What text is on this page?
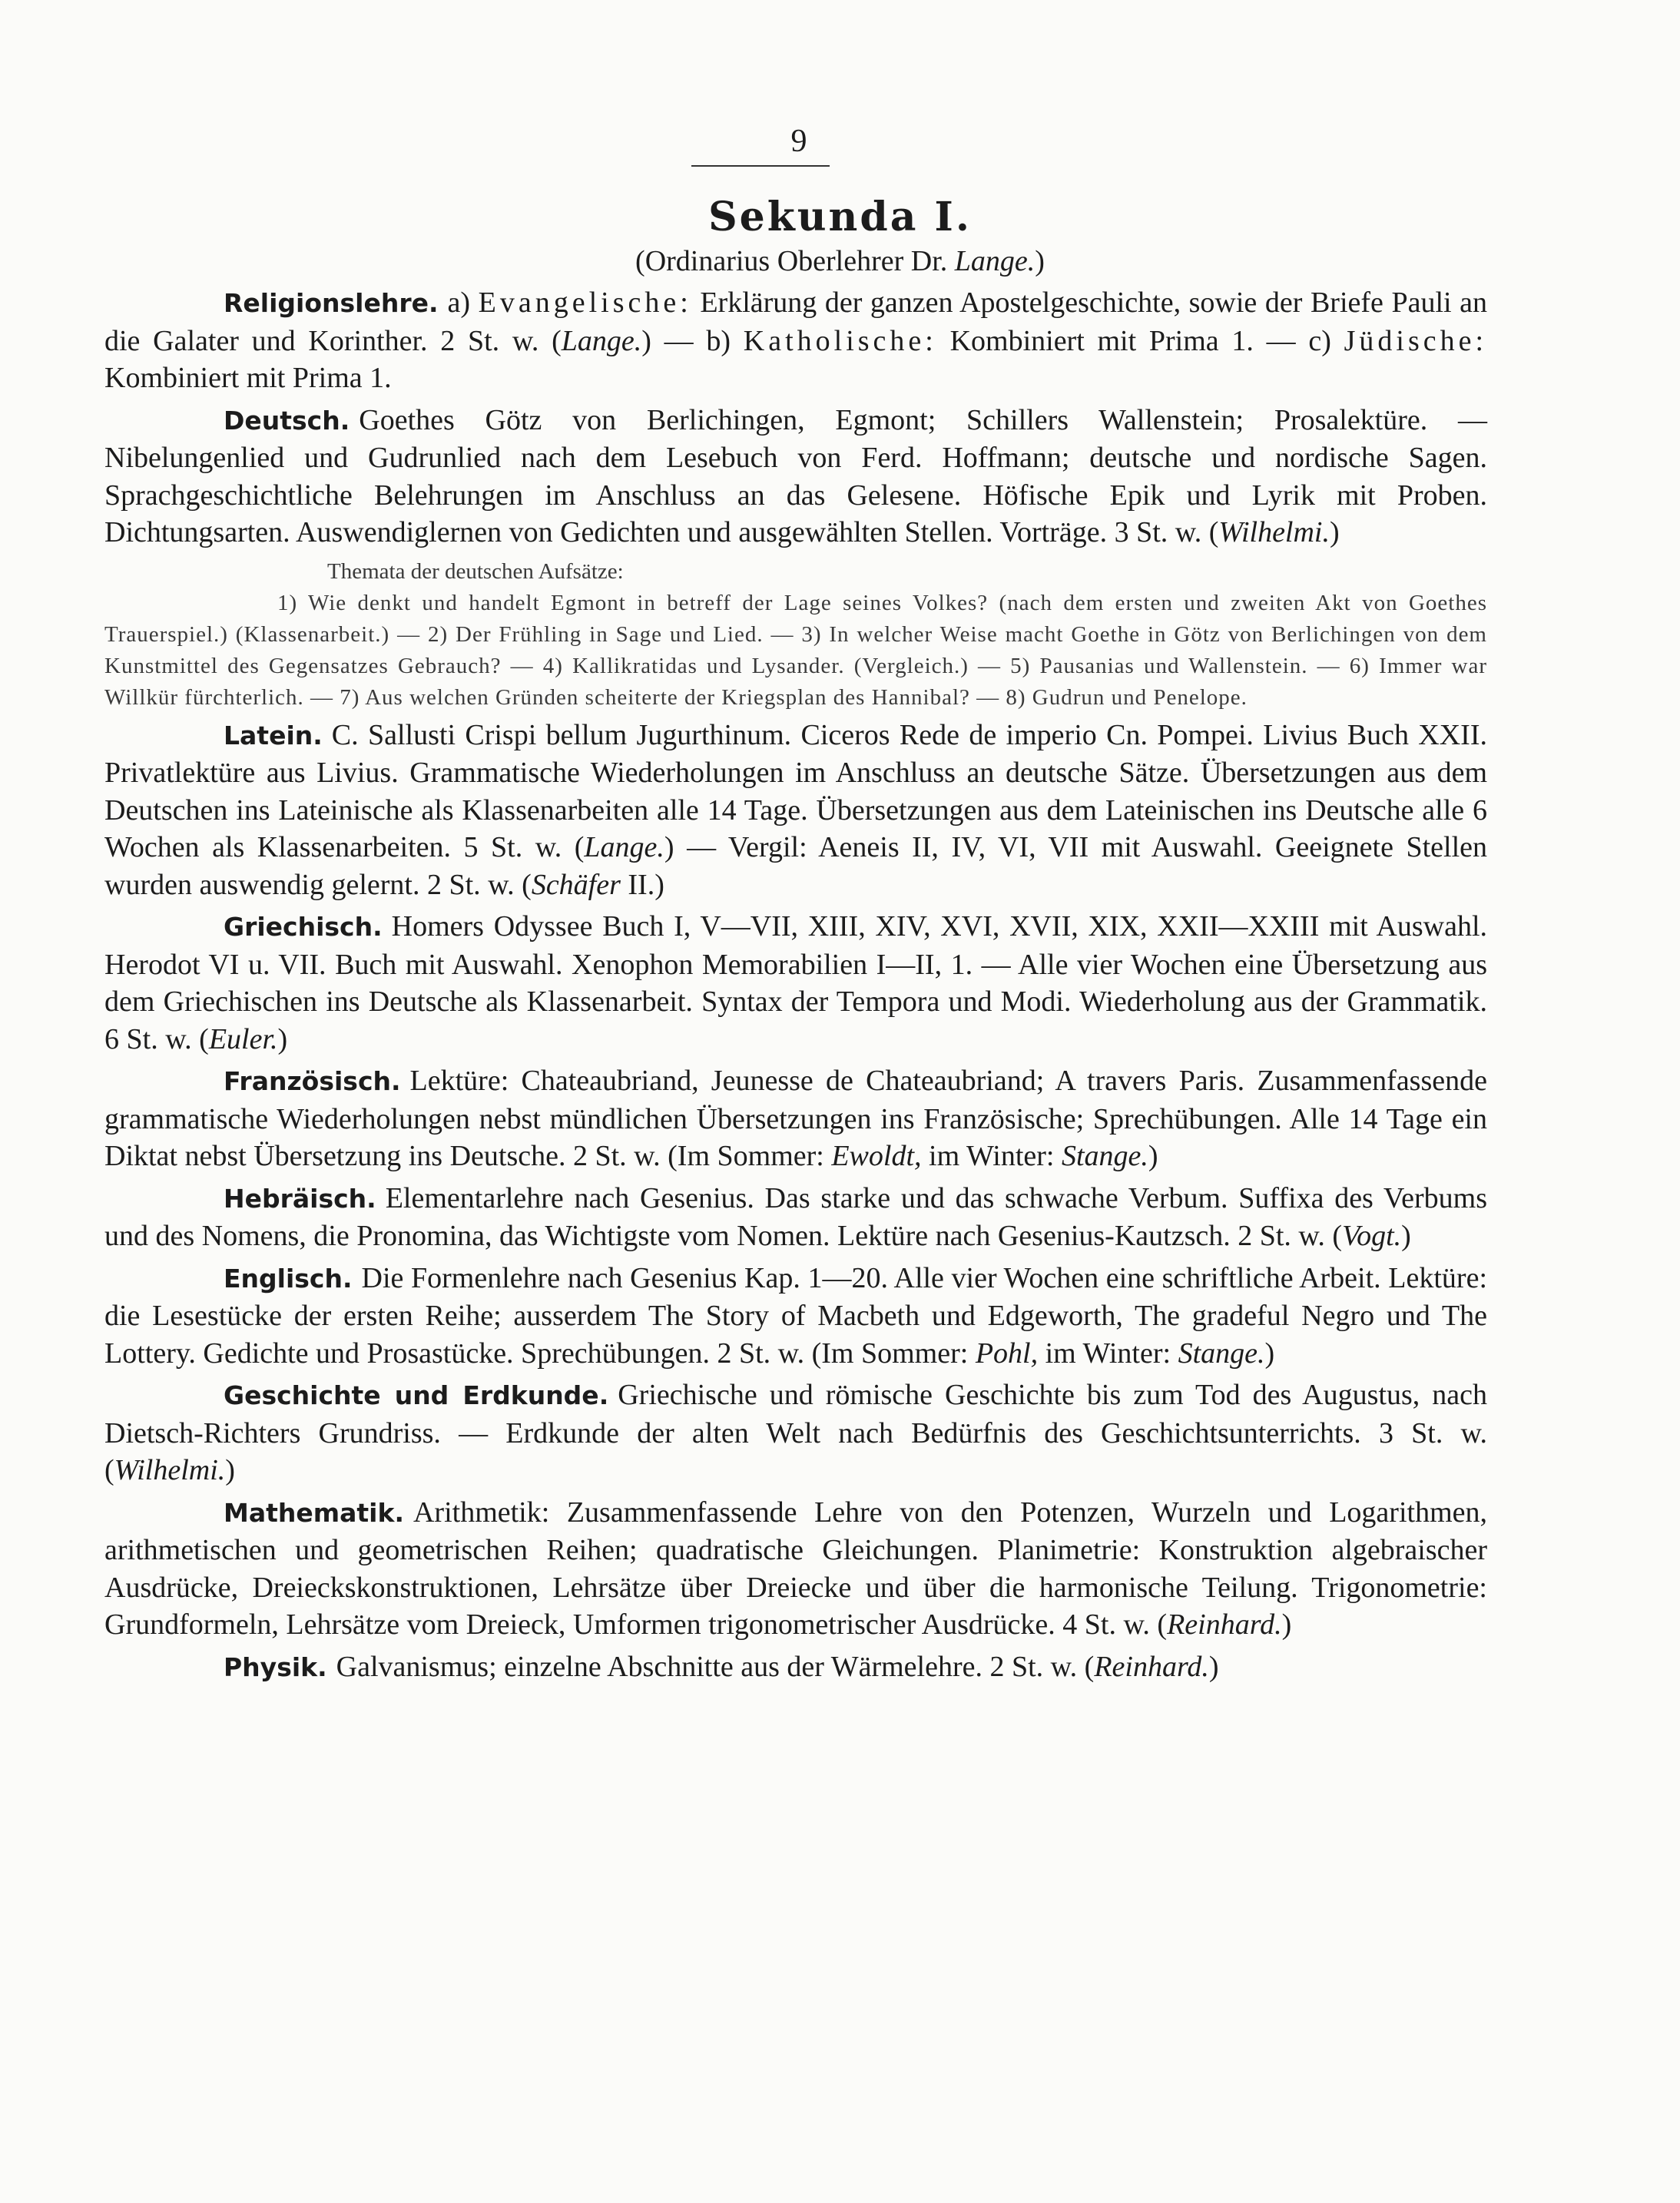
9
Sekunda I.
(Ordinarius Oberlehrer Dr. Lange.)

Religionslehre. a) Evangelische: Erklärung der ganzen Apostelgeschichte, sowie der Briefe Pauli an die Galater und Korinther. 2 St. w. (Lange.) — b) Katholische: Kombiniert mit Prima 1. — c) Jüdische: Kombiniert mit Prima 1.

Deutsch. Goethes Götz von Berlichingen, Egmont; Schillers Wallenstein; Prosalektüre. — Nibelungenlied und Gudrunlied nach dem Lesebuch von Ferd. Hoffmann; deutsche und nordische Sagen. Sprachgeschichtliche Belehrungen im Anschluss an das Gelesene. Höfische Epik und Lyrik mit Proben. Dichtungsarten. Auswendiglernen von Gedichten und ausgewählten Stellen. Vorträge. 3 St. w. (Wilhelmi.)

Themata der deutschen Aufsätze:

1) Wie denkt und handelt Egmont in betreff der Lage seines Volkes? (nach dem ersten und zweiten Akt von Goethes Trauerspiel.) (Klassenarbeit.) — 2) Der Frühling in Sage und Lied. — 3) In welcher Weise macht Goethe in Götz von Berlichingen von dem Kunstmittel des Gegensatzes Gebrauch? — 4) Kallikratidas und Lysander. (Vergleich.) — 5) Pausanias und Wallenstein. — 6) Immer war Willkür fürchterlich. — 7) Aus welchen Gründen scheiterte der Kriegsplan des Hannibal? — 8) Gudrun und Penelope.

Latein. C. Sallusti Crispi bellum Jugurthinum. Ciceros Rede de imperio Cn. Pompei. Livius Buch XXII. Privatlektüre aus Livius. Grammatische Wiederholungen im Anschluss an deutsche Sätze. Übersetzungen aus dem Deutschen ins Lateinische als Klassenarbeiten alle 14 Tage. Übersetzungen aus dem Lateinischen ins Deutsche alle 6 Wochen als Klassenarbeiten. 5 St. w. (Lange.) — Vergil: Aeneis II, IV, VI, VII mit Auswahl. Geeignete Stellen wurden auswendig gelernt. 2 St. w. (Schäfer II.)

Griechisch. Homers Odyssee Buch I, V—VII, XIII, XIV, XVI, XVII, XIX, XXII—XXIII mit Auswahl. Herodot VI u. VII. Buch mit Auswahl. Xenophon Memorabilien I—II, 1. — Alle vier Wochen eine Übersetzung aus dem Griechischen ins Deutsche als Klassenarbeit. Syntax der Tempora und Modi. Wiederholung aus der Grammatik. 6 St. w. (Euler.)

Französisch. Lektüre: Chateaubriand, Jeunesse de Chateaubriand; A travers Paris. Zusammenfassende grammatische Wiederholungen nebst mündlichen Übersetzungen ins Französische; Sprechübungen. Alle 14 Tage ein Diktat nebst Übersetzung ins Deutsche. 2 St. w. (Im Sommer: Ewoldt, im Winter: Stange.)

Hebräisch. Elementarlehre nach Gesenius. Das starke und das schwache Verbum. Suffixa des Verbums und des Nomens, die Pronomina, das Wichtigste vom Nomen. Lektüre nach Gesenius-Kautzsch. 2 St. w. (Vogt.)

Englisch. Die Formenlehre nach Gesenius Kap. 1—20. Alle vier Wochen eine schriftliche Arbeit. Lektüre: die Lesestücke der ersten Reihe; ausserdem The Story of Macbeth und Edgeworth, The gradeful Negro und The Lottery. Gedichte und Prosastücke. Sprechübungen. 2 St. w. (Im Sommer: Pohl, im Winter: Stange.)

Geschichte und Erdkunde. Griechische und römische Geschichte bis zum Tod des Augustus, nach Dietsch-Richters Grundriss. — Erdkunde der alten Welt nach Bedürfnis des Geschichtsunterrichts. 3 St. w. (Wilhelmi.)

Mathematik. Arithmetik: Zusammenfassende Lehre von den Potenzen, Wurzeln und Logarithmen, arithmetischen und geometrischen Reihen; quadratische Gleichungen. Planimetrie: Konstruktion algebraischer Ausdrücke, Dreieckskonstruktionen, Lehrsätze über Dreiecke und über die harmonische Teilung. Trigonometrie: Grundformeln, Lehrsätze vom Dreieck, Umformen trigonometrischer Ausdrücke. 4 St. w. (Reinhard.)

Physik. Galvanismus; einzelne Abschnitte aus der Wärmelehre. 2 St. w. (Reinhard.)
